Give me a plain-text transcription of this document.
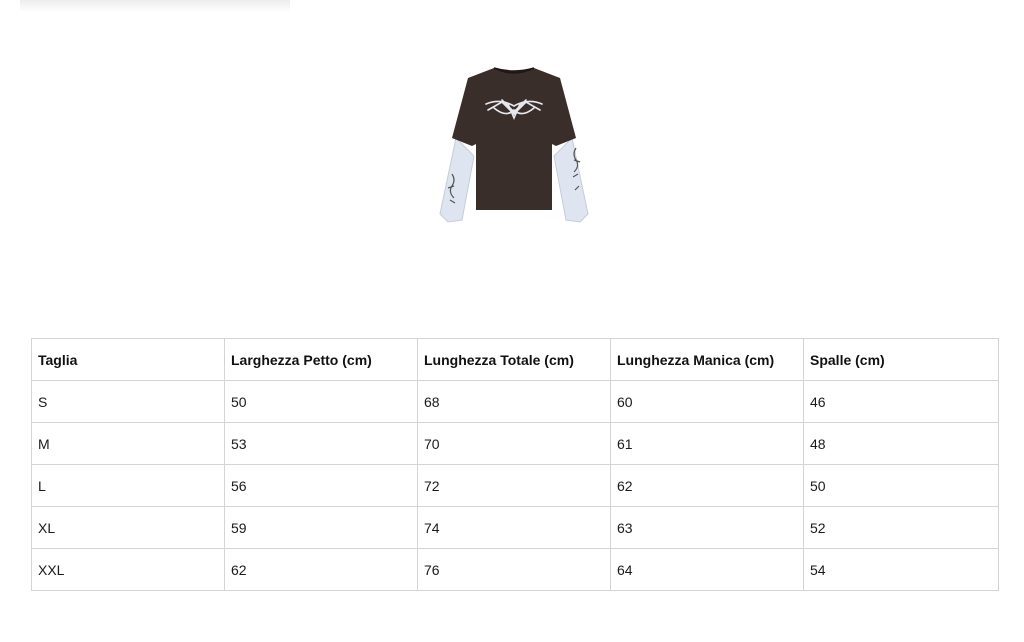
Taglia	Larghezza Petto (cm)	Lunghezza Totale (cm)	Lunghezza Manica (cm)	Spalle (cm)
S	50	68	60	46
M	53	70	61	48
L	56	72	62	50
XL	59	74	63	52
XXL	62	76	64	54
